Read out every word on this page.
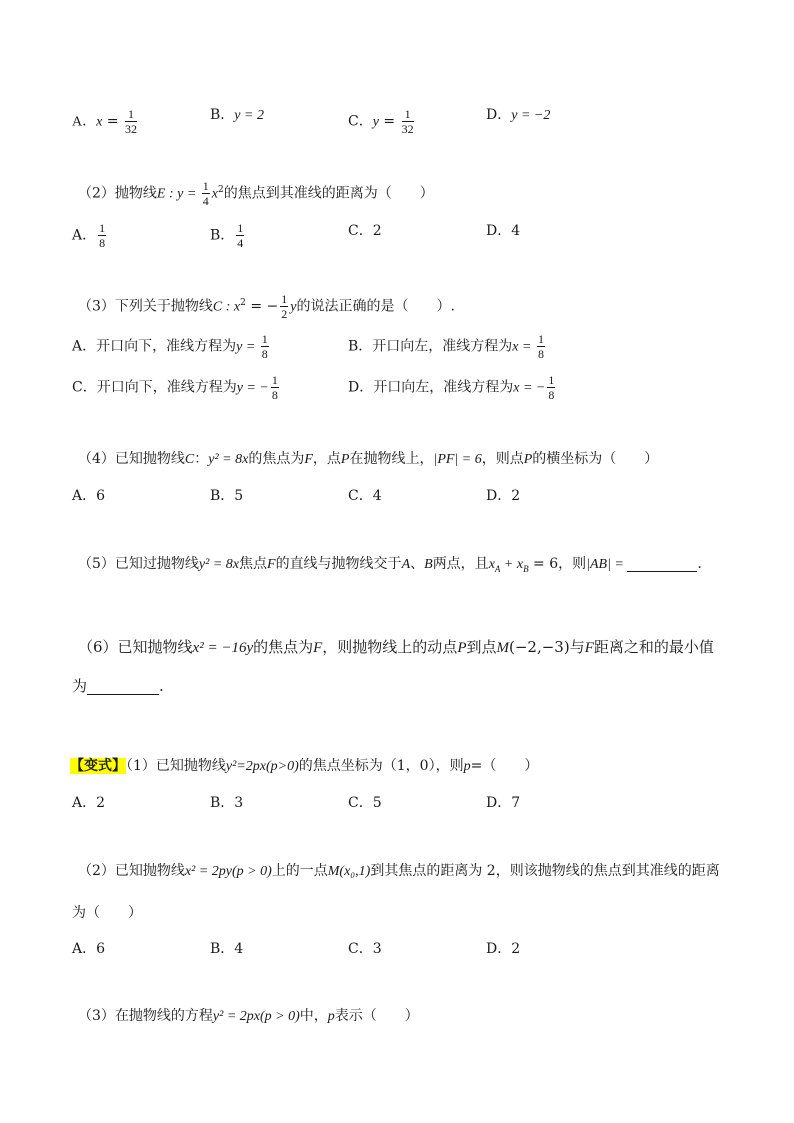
A．$x = \frac{1}{32}$	B．y = 2	C．$y = \frac{1}{32}$	D．y = −2
（2）抛物线E : $y = \frac{1}{4} x^2$的焦点到其准线的距离为（　　）
A． $\frac{1}{8}$	B． $\frac{1}{4}$	C．2	D．4
（3）下列关于抛物线C : $x^2$ = − $\frac{1}{2}$ y的说法正确的是（　　）.
A．开口向下，准线方程为$y = \frac{1}{8}$	B．开口向左，准线方程为$x = \frac{1}{8}$
C．开口向下，准线方程为y = − $\frac{1}{8}$	D．开口向左，准线方程为x = − $\frac{1}{8}$
（4）已知抛物线C：y² = 8x的焦点为F，点P在抛物线上，|PF| = 6，则点P的横坐标为（　　）
A．6	B．5	C．4	D．2
（5）已知过抛物线y² = 8x焦点F的直线与抛物线交于A、B两点，且$x_A + x_B = 6$，则|AB| =	.
（6）已知抛物线x² = −16y的焦点为F，则抛物线上的动点P到点M(−2,−3)与F距离之和的最小值
为	.
【变式】（1）已知抛物线y²=2px(p>0)的焦点坐标为（1，0），则p=（　　）
A．2	B．3	C．5	D．7
（2）已知抛物线x² = 2py(p > 0)上的一点M(x₀,1)到其焦点的距离为 2，则该抛物线的焦点到其准线的距离
为（　　）
A．6	B．4	C．3	D．2
（3）在抛物线的方程y² = 2px(p > 0)中，p表示（　　）
